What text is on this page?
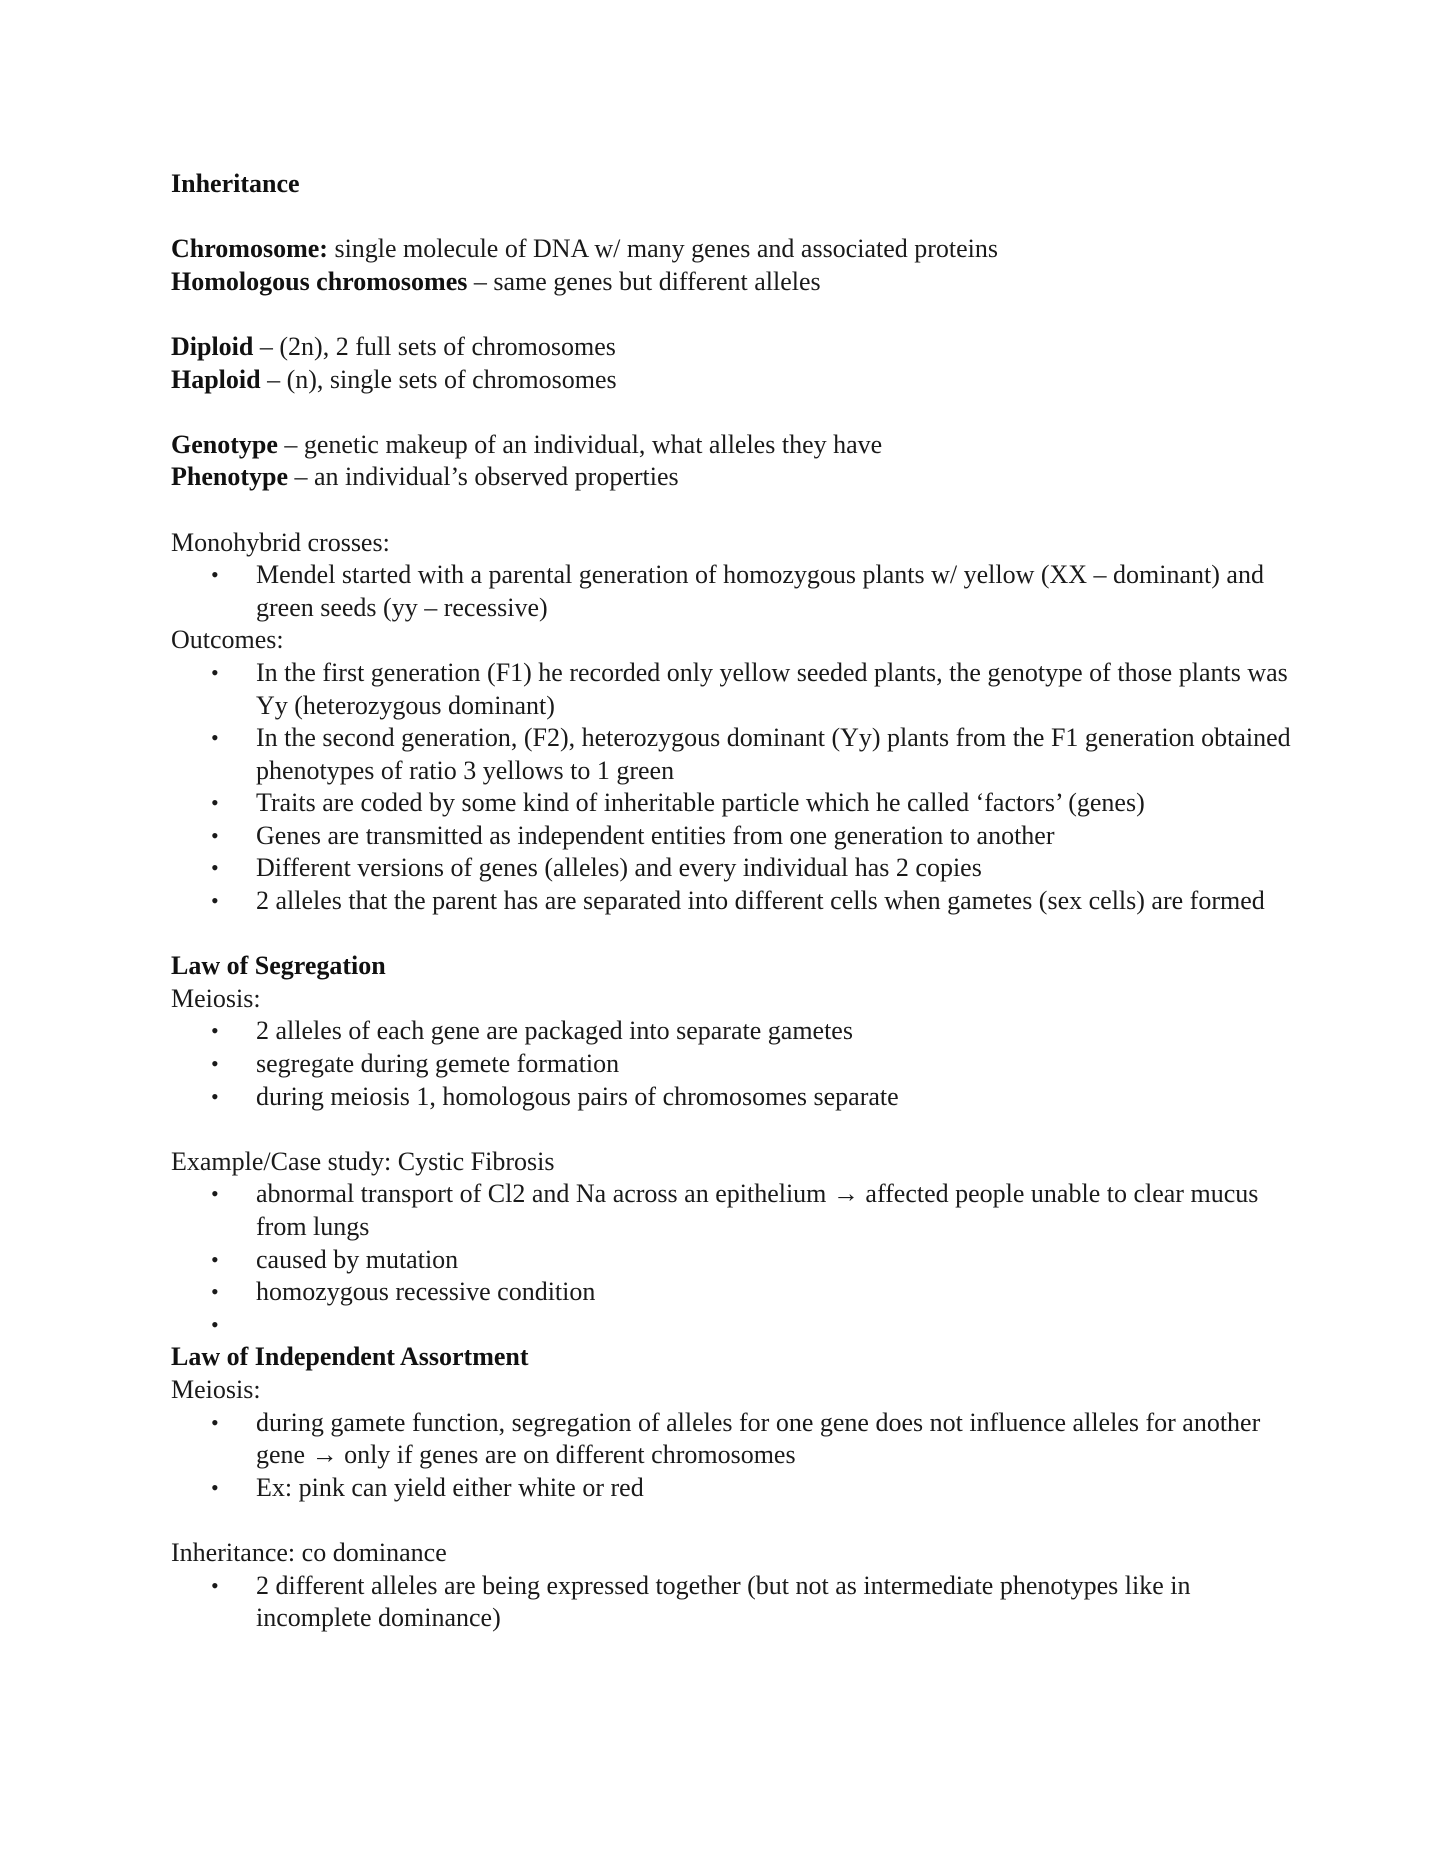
Inheritance

Chromosome: single molecule of DNA w/ many genes and associated proteins

Homologous chromosomes – same genes but different alleles

Diploid – (2n), 2 full sets of chromosomes

Haploid – (n), single sets of chromosomes

Genotype – genetic makeup of an individual, what alleles they have

Phenotype – an individual’s observed properties

Monohybrid crosses:

• Mendel started with a parental generation of homozygous plants w/ yellow (XX – dominant) and green seeds (yy – recessive)

Outcomes:

• In the first generation (F1) he recorded only yellow seeded plants, the genotype of those plants was Yy (heterozygous dominant)
• In the second generation, (F2), heterozygous dominant (Yy) plants from the F1 generation obtained phenotypes of ratio 3 yellows to 1 green
• Traits are coded by some kind of inheritable particle which he called ‘factors’ (genes)
• Genes are transmitted as independent entities from one generation to another
• Different versions of genes (alleles) and every individual has 2 copies
• 2 alleles that the parent has are separated into different cells when gametes (sex cells) are formed

Law of Segregation

Meiosis:

• 2 alleles of each gene are packaged into separate gametes
• segregate during gemete formation
• during meiosis 1, homologous pairs of chromosomes separate

Example/Case study: Cystic Fibrosis

• abnormal transport of Cl2 and Na across an epithelium → affected people unable to clear mucus from lungs
• caused by mutation
• homozygous recessive condition
•

Law of Independent Assortment

Meiosis:

• during gamete function, segregation of alleles for one gene does not influence alleles for another gene → only if genes are on different chromosomes
• Ex: pink can yield either white or red

Inheritance: co dominance

• 2 different alleles are being expressed together (but not as intermediate phenotypes like in incomplete dominance)
